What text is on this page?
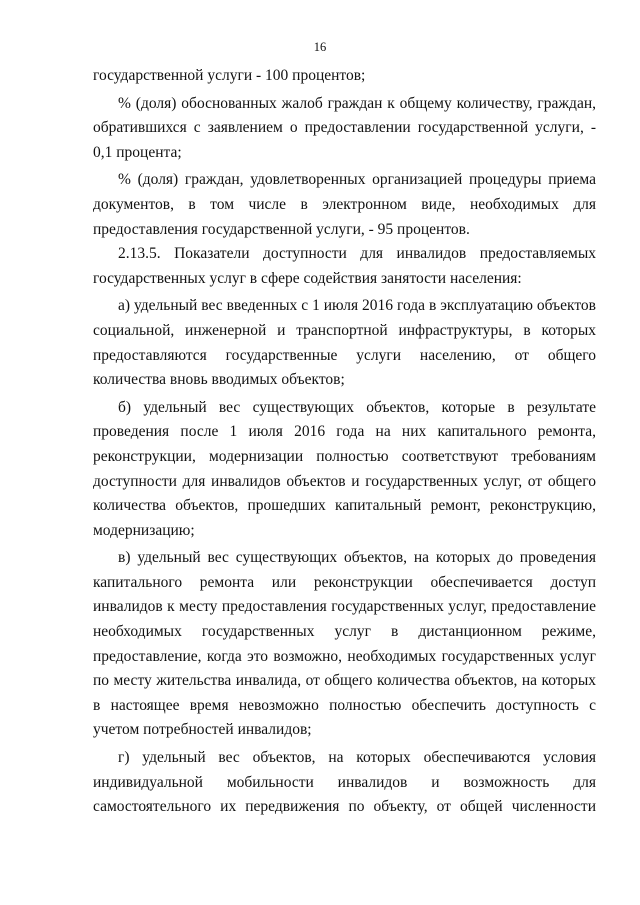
16

государственной услуги - 100 процентов;

% (доля) обоснованных жалоб граждан к общему количеству, граждан, обратившихся с заявлением о предоставлении государственной услуги, - 0,1 процента;

% (доля) граждан, удовлетворенных организацией процедуры приема документов, в том числе в электронном виде, необходимых для предоставления государственной услуги, - 95 процентов.

2.13.5. Показатели доступности для инвалидов предоставляемых государственных услуг в сфере содействия занятости населения:

а) удельный вес введенных с 1 июля 2016 года в эксплуатацию объектов социальной, инженерной и транспортной инфраструктуры, в которых предоставляются государственные услуги населению, от общего количества вновь вводимых объектов;

б) удельный вес существующих объектов, которые в результате проведения после 1 июля 2016 года на них капитального ремонта, реконструкции, модернизации полностью соответствуют требованиям доступности для инвалидов объектов и государственных услуг, от общего количества объектов, прошедших капитальный ремонт, реконструкцию, модернизацию;

в) удельный вес существующих объектов, на которых до проведения капитального ремонта или реконструкции обеспечивается доступ инвалидов к месту предоставления государственных услуг, предоставление необходимых государственных услуг в дистанционном режиме, предоставление, когда это возможно, необходимых государственных услуг по месту жительства инвалида, от общего количества объектов, на которых в настоящее время невозможно полностью обеспечить доступность с учетом потребностей инвалидов;

г) удельный вес объектов, на которых обеспечиваются условия индивидуальной мобильности инвалидов и возможность для самостоятельного их передвижения по объекту, от общей численности
